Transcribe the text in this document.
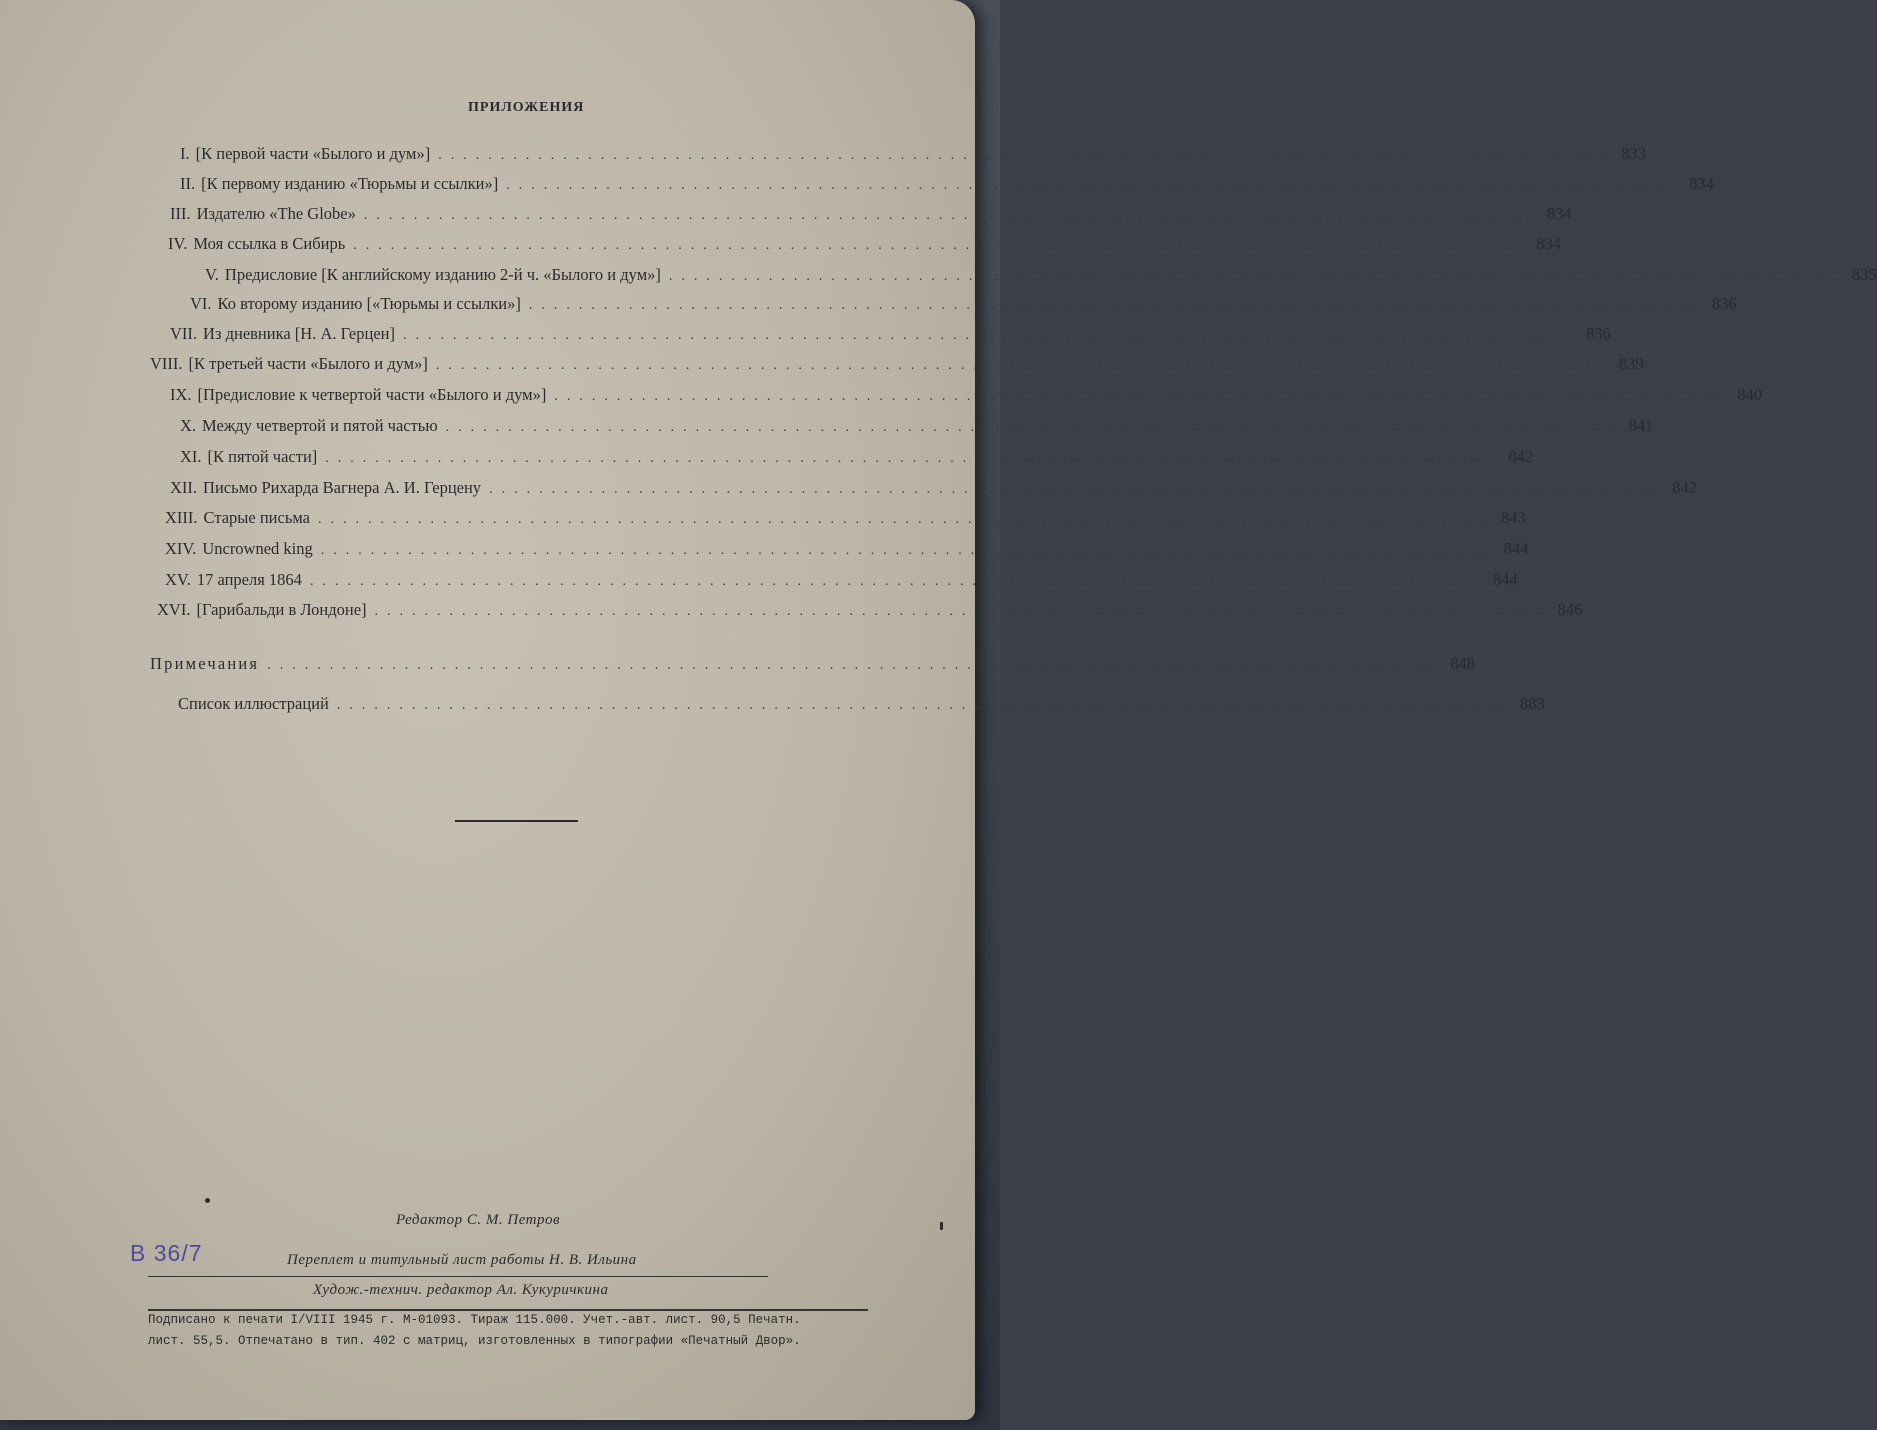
ПРИЛОЖЕНИЯ
I. [К первой части «Былого и дум»] .............................................................................................. 833
II. [К первому изданию «Тюрьмы и ссылки»] .............................................................................................. 834
III. Издателю «The Globe» .............................................................................................. 834
IV. Моя ссылка в Сибирь .............................................................................................. 834
V. Предисловие [К английскому изданию 2-й ч. «Былого и дум»] .............................................................................................. 835
VI. Ко второму изданию [«Тюрьмы и ссылки»] .............................................................................................. 836
VII. Из дневника [Н. А. Герцен] .............................................................................................. 836
VIII. [К третьей части «Былого и дум»] .............................................................................................. 839
IX. [Предисловие к четвертой части «Былого и дум»] .............................................................................................. 840
X. Между четвертой и пятой частью .............................................................................................. 841
XI. [К пятой части] .............................................................................................. 842
XII. Письмо Рихарда Вагнера А. И. Герцену .............................................................................................. 842
XIII. Старые письма .............................................................................................. 843
XIV. Uncrowned king .............................................................................................. 844
XV. 17 апреля 1864 .............................................................................................. 844
XVI. [Гарибальди в Лондоне] .............................................................................................. 846
Примечания .............................................................................................. 848
Список иллюстраций .............................................................................................. 883
Редактор С. М. Петров
Переплет и титульный лист работы Н. В. Ильина
Худож.-технич. редактор Ал. Кукуричкина
В 36/7
Подписано к печати I/VIII 1945 г. М-01093. Тираж 115.000. Учет.-авт. лист. 90,5 Печатн.
лист. 55,5. Отпечатано в тип. 402 с матриц, изготовленных в типографии «Печатный Двор».
